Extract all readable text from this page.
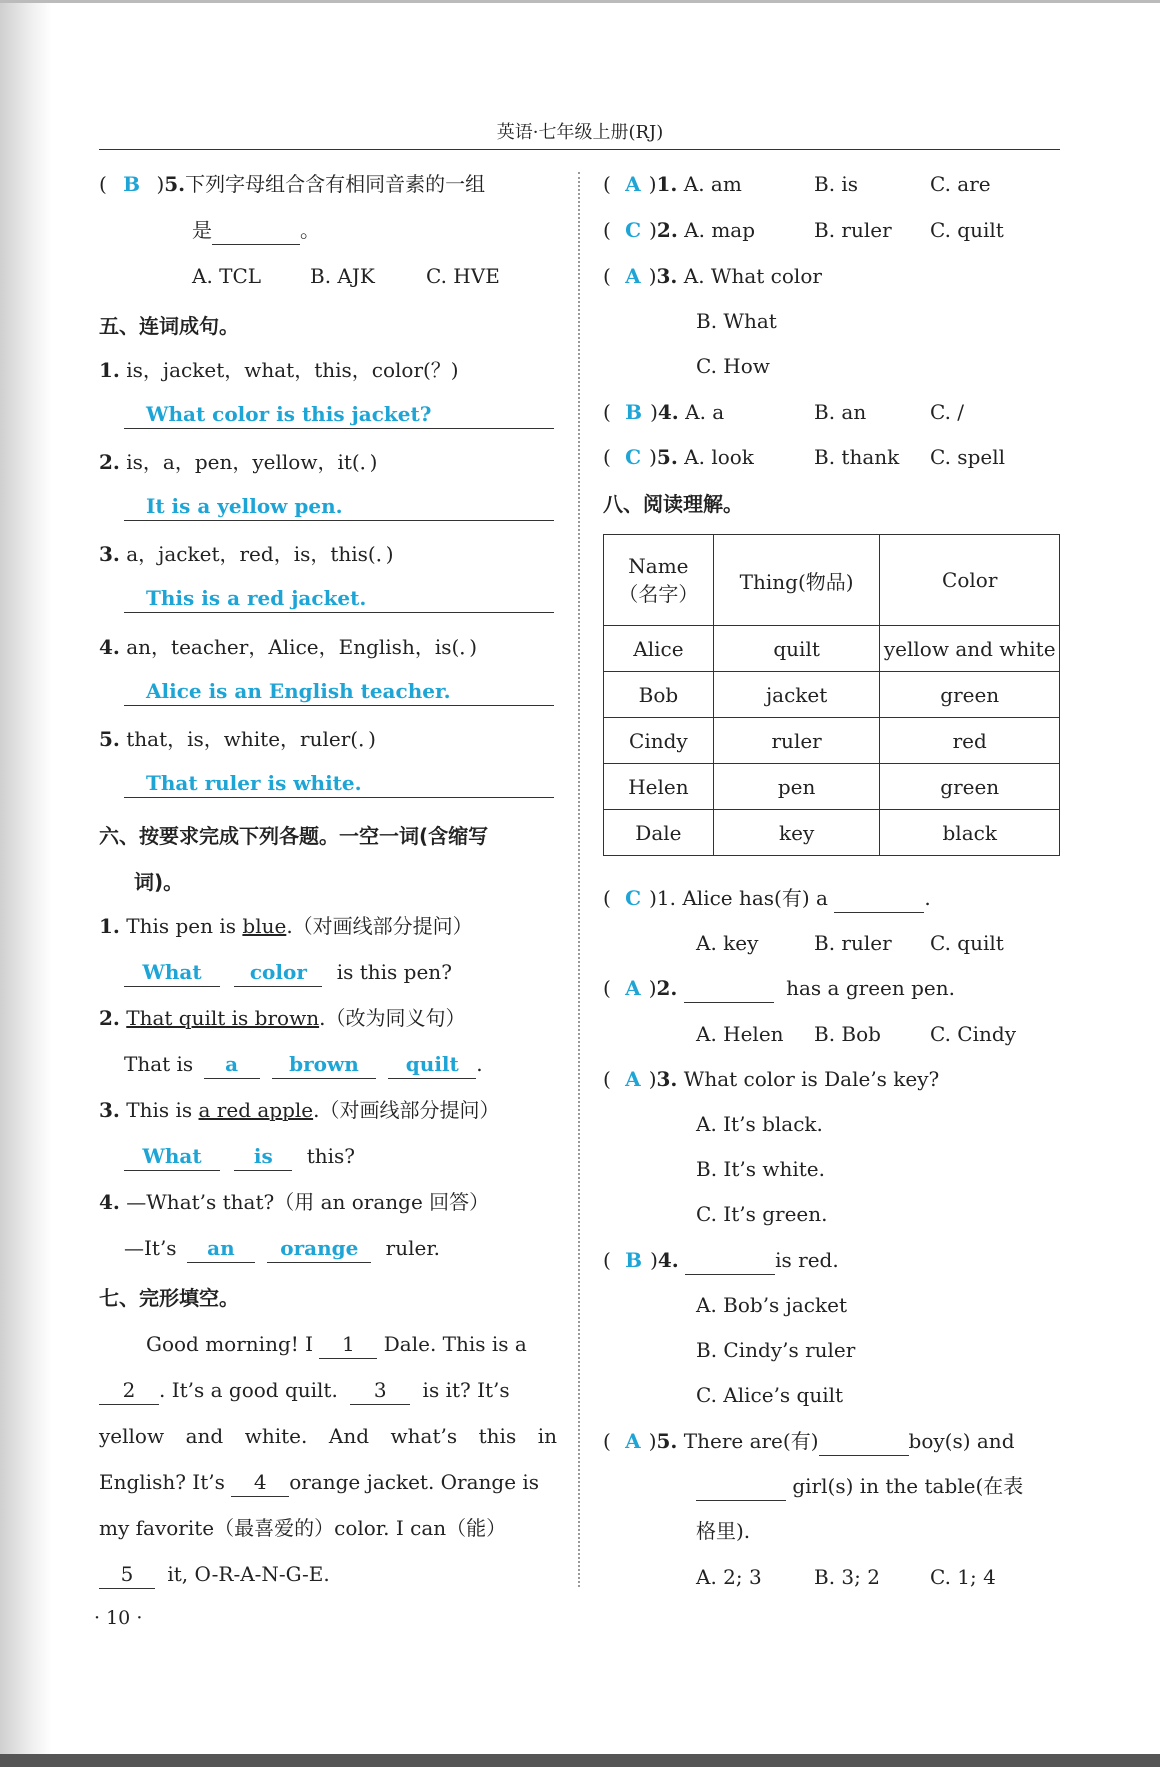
英语·七年级上册(RJ)
( B )5.下列字母组合含有相同音素的一组
是	。
A. TCL B. AJK	C. HVE
五、连词成句。
1. is，jacket，what，this，color(？)
What color is this jacket?
2. is，a，pen，yellow，it(．)
It is a yellow pen.
3. a，jacket，red，is，this(．)
This is a red jacket.
4. an，teacher，Alice，English，is(．)
Alice is an English teacher.
5. that，is，white，ruler(．)
That ruler is white.
六、按要求完成下列各题。一空一词(含缩写
词)。
1. This pen is blue.（对画线部分提问）
What color is this pen?
2. That quilt is brown.（改为同义句）
That is a	brown quilt .
3. This is a red apple.（对画线部分提问）
What	is this?
4. —What’s that?（用 an orange 回答）
—It’s an orange ruler.
七、完形填空。
Good morning! I 1 Dale. This is a
2 . It’s a good quilt. 3 is it? It’s
yellow and white. And what’s this in
English? It’s 4 orange jacket. Orange is
my favorite（最喜爱的）color. I can（能）
5 it, O-R-A-N-G-E.
· 10 ·
( A )1. A. am	B. is	C. are
( C )2. A. map	B. ruler C. quilt
( A )3. A. What color
B. What
C. How
( B )4. A. a	B. an	C. /
( C )5. A. look	B. thank C. spell
八、阅读理解。
Name
（名字）	Thing(物品)	Color
Alice	quilt	yellow and white
Bob	jacket	green
Cindy	ruler	red
Helen	pen	green
Dale	key	black
( C )1. Alice has(有) a	.
A. key	B. ruler C. quilt
( A )2.	has a green pen.
A. Helen B. Bob C. Cindy
( A )3. What color is Dale’s key?
A. It’s black.
B. It’s white.
C. It’s green.
( B )4.	is red.
A. Bob’s jacket
B. Cindy’s ruler
C. Alice’s quilt
( A )5. There are(有)	boy(s) and
girl(s) in the table(在表
格里).
A. 2; 3	B. 3; 2	C. 1; 4
